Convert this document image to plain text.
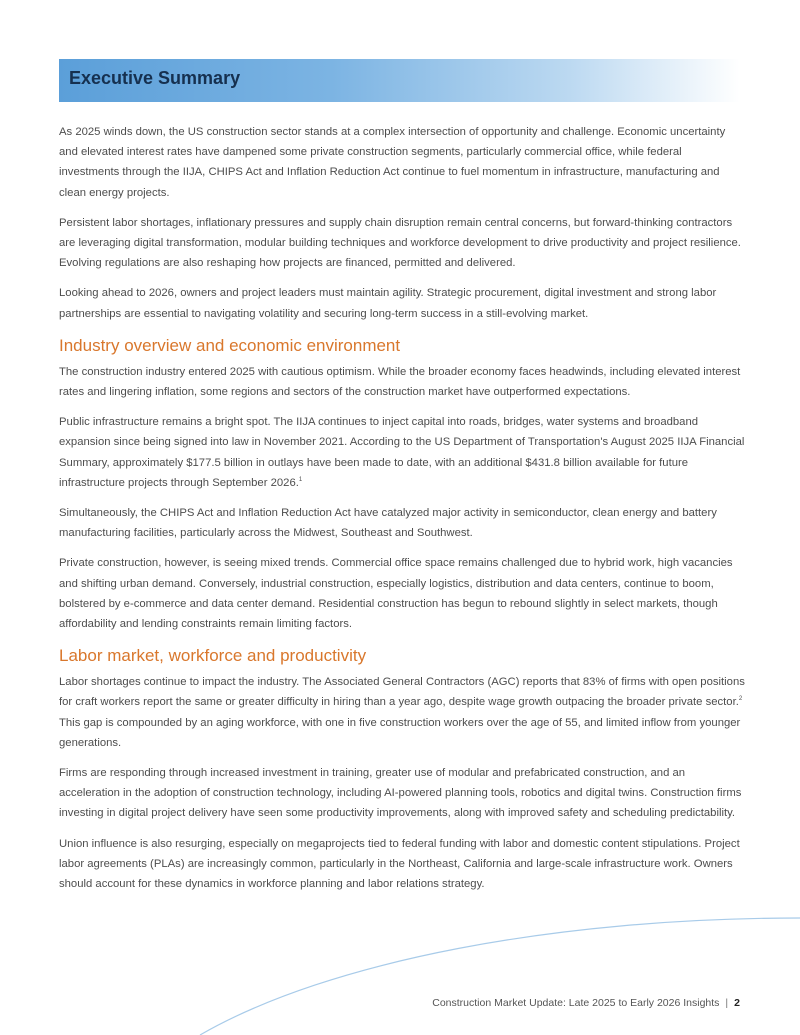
Executive Summary

As 2025 winds down, the US construction sector stands at a complex intersection of opportunity and challenge. Economic uncertainty and elevated interest rates have dampened some private construction segments, particularly commercial office, while federal investments through the IIJA, CHIPS Act and Inflation Reduction Act continue to fuel momentum in infrastructure, manufacturing and clean energy projects.

Persistent labor shortages, inflationary pressures and supply chain disruption remain central concerns, but forward-thinking contractors are leveraging digital transformation, modular building techniques and workforce development to drive productivity and project resilience. Evolving regulations are also reshaping how projects are financed, permitted and delivered.

Looking ahead to 2026, owners and project leaders must maintain agility. Strategic procurement, digital investment and strong labor partnerships are essential to navigating volatility and securing long-term success in a still-evolving market.

Industry overview and economic environment

The construction industry entered 2025 with cautious optimism. While the broader economy faces headwinds, including elevated interest rates and lingering inflation, some regions and sectors of the construction market have outperformed expectations.

Public infrastructure remains a bright spot. The IIJA continues to inject capital into roads, bridges, water systems and broadband expansion since being signed into law in November 2021. According to the US Department of Transportation's August 2025 IIJA Financial Summary, approximately $177.5 billion in outlays have been made to date, with an additional $431.8 billion available for future infrastructure projects through September 2026.$^1$

Simultaneously, the CHIPS Act and Inflation Reduction Act have catalyzed major activity in semiconductor, clean energy and battery manufacturing facilities, particularly across the Midwest, Southeast and Southwest.

Private construction, however, is seeing mixed trends. Commercial office space remains challenged due to hybrid work, high vacancies and shifting urban demand. Conversely, industrial construction, especially logistics, distribution and data centers, continue to boom, bolstered by e-commerce and data center demand. Residential construction has begun to rebound slightly in select markets, though affordability and lending constraints remain limiting factors.

Labor market, workforce and productivity

Labor shortages continue to impact the industry. The Associated General Contractors (AGC) reports that 83% of firms with open positions for craft workers report the same or greater difficulty in hiring than a year ago, despite wage growth outpacing the broader private sector.$^2$ This gap is compounded by an aging workforce, with one in five construction workers over the age of 55, and limited inflow from younger generations.

Firms are responding through increased investment in training, greater use of modular and prefabricated construction, and an acceleration in the adoption of construction technology, including AI-powered planning tools, robotics and digital twins. Construction firms investing in digital project delivery have seen some productivity improvements, along with improved safety and scheduling predictability.

Union influence is also resurging, especially on megaprojects tied to federal funding with labor and domestic content stipulations. Project labor agreements (PLAs) are increasingly common, particularly in the Northeast, California and large-scale infrastructure work. Owners should account for these dynamics in workforce planning and labor relations strategy.

Construction Market Update: Late 2025 to Early 2026 Insights | 2
